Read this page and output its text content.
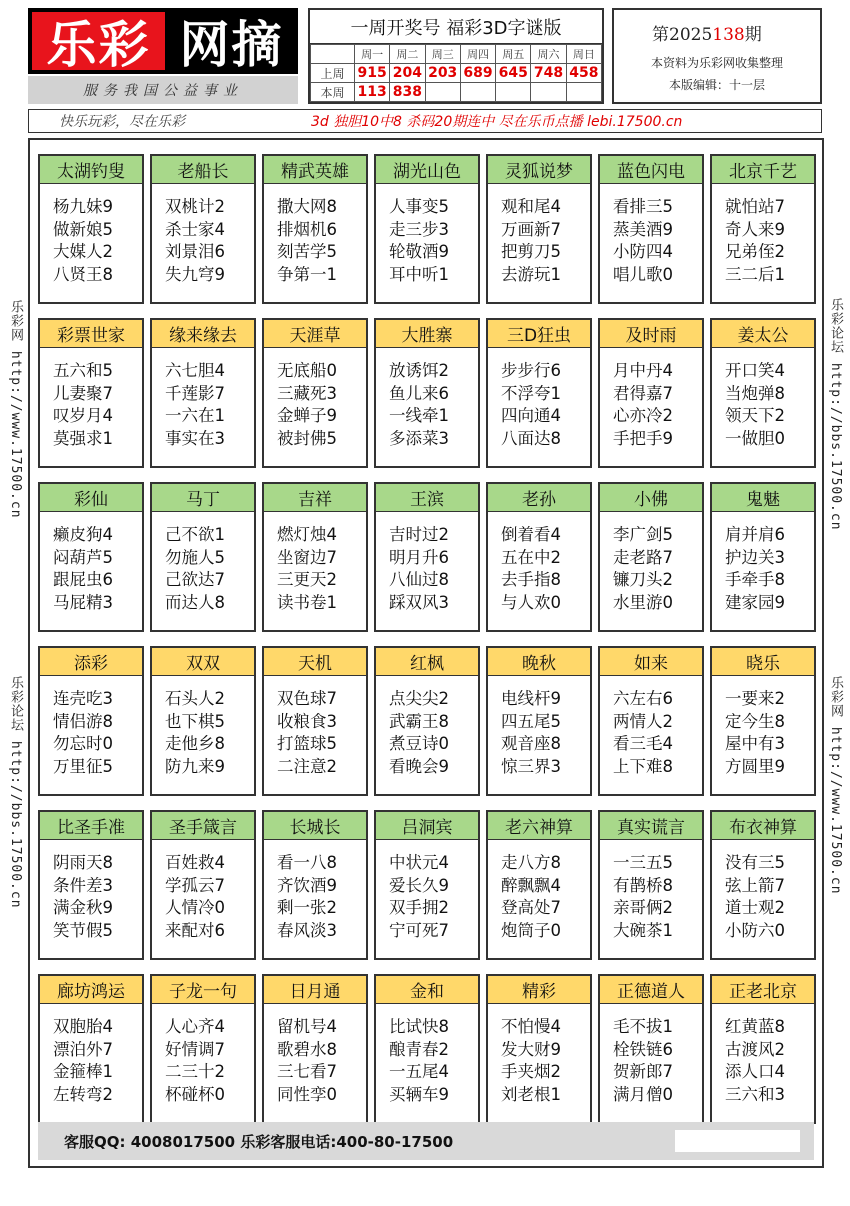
乐彩 网摘
服务我国公益事业
一周开奖号 福彩3D字谜版
	周一	周二	周三	周四	周五	周六	周日
上周	915	204	203	689	645	748	458
本周	113	838					
第2025138期
本资料为乐彩网收集整理
本版编辑：十一层
快乐玩彩，尽在乐彩	3d 独胆10中8 杀码20期连中 尽在乐币点播 lebi.17500.cn
乐彩网 http://www.17500.cn
乐彩论坛 http://bbs.17500.cn
乐彩论坛 http://bbs.17500.cn
乐彩网 http://www.17500.cn
太湖钓叟
杨九妹9
做新娘5
大媒人2
八贤王8
老船长
双桃计2
杀士家4
刘景泪6
失九穹9
精武英雄
撒大网8
排烟机6
刻苦学5
争第一1
湖光山色
人事变5
走三步3
轮敬酒9
耳中听1
灵狐说梦
观和尾4
万画新7
把剪刀5
去游玩1
蓝色闪电
看排三5
蒸美酒9
小防四4
唱儿歌0
北京千艺
就怕站7
奇人来9
兄弟侄2
三二后1
彩票世家
五六和5
儿妻聚7
叹岁月4
莫强求1
缘来缘去
六七胆4
千莲影7
一六在1
事实在3
天涯草
无底船0
三藏死3
金蝉子9
被封佛5
大胜寨
放诱饵2
鱼儿来6
一线牵1
多添菜3
三D狂虫
步步行6
不浮夸1
四向通4
八面达8
及时雨
月中丹4
君得嘉7
心亦冷2
手把手9
姜太公
开口笑4
当炮弹8
领天下2
一做胆0
彩仙
癞皮狗4
闷葫芦5
跟屁虫6
马屁精3
马丁
己不欲1
勿施人5
己欲达7
而达人8
吉祥
燃灯烛4
坐窗边7
三更天2
读书卷1
王滨
吉时过2
明月升6
八仙过8
踩双风3
老孙
倒着看4
五在中2
去手指8
与人欢0
小佛
李广剑5
走老路7
镰刀头2
水里游0
鬼魅
肩并肩6
护边关3
手牵手8
建家园9
添彩
连壳吃3
情侣游8
勿忘时0
万里征5
双双
石头人2
也下棋5
走他乡8
防九来9
天机
双色球7
收粮食3
打篮球5
二注意2
红枫
点尖尖2
武霸王8
煮豆诗0
看晚会9
晚秋
电线杆9
四五尾5
观音座8
惊三界3
如来
六左右6
两情人2
看三毛4
上下难8
晓乐
一要来2
定今生8
屋中有3
方圆里9
比圣手准
阴雨天8
条件差3
满金秋9
笑节假5
圣手箴言
百姓救4
学孤云7
人情冷0
来配对6
长城长
看一八8
齐饮酒9
剩一张2
春风淡3
吕洞宾
中状元4
爱长久9
双手拥2
宁可死7
老六神算
走八方8
醉飘飘4
登高处7
炮筒子0
真实谎言
一三五5
有鹊桥8
亲哥俩2
大碗茶1
布衣神算
没有三5
弦上箭7
道士观2
小防六0
廊坊鸿运
双胞胎4
漂泊外7
金箍棒1
左转弯2
子龙一句
人心齐4
好情调7
二三十2
杯碰杯0
日月通
留机号4
歌碧水8
三七看7
同性孪0
金和
比试快8
酿青春2
一五尾4
买辆车9
精彩
不怕慢4
发大财9
手夹烟2
刘老根1
正德道人
毛不拔1
栓铁链6
贺新郎7
满月僧0
正老北京
红黄蓝8
古渡风2
添人口4
三六和3
客服QQ: 4008017500 乐彩客服电话:400-80-17500
